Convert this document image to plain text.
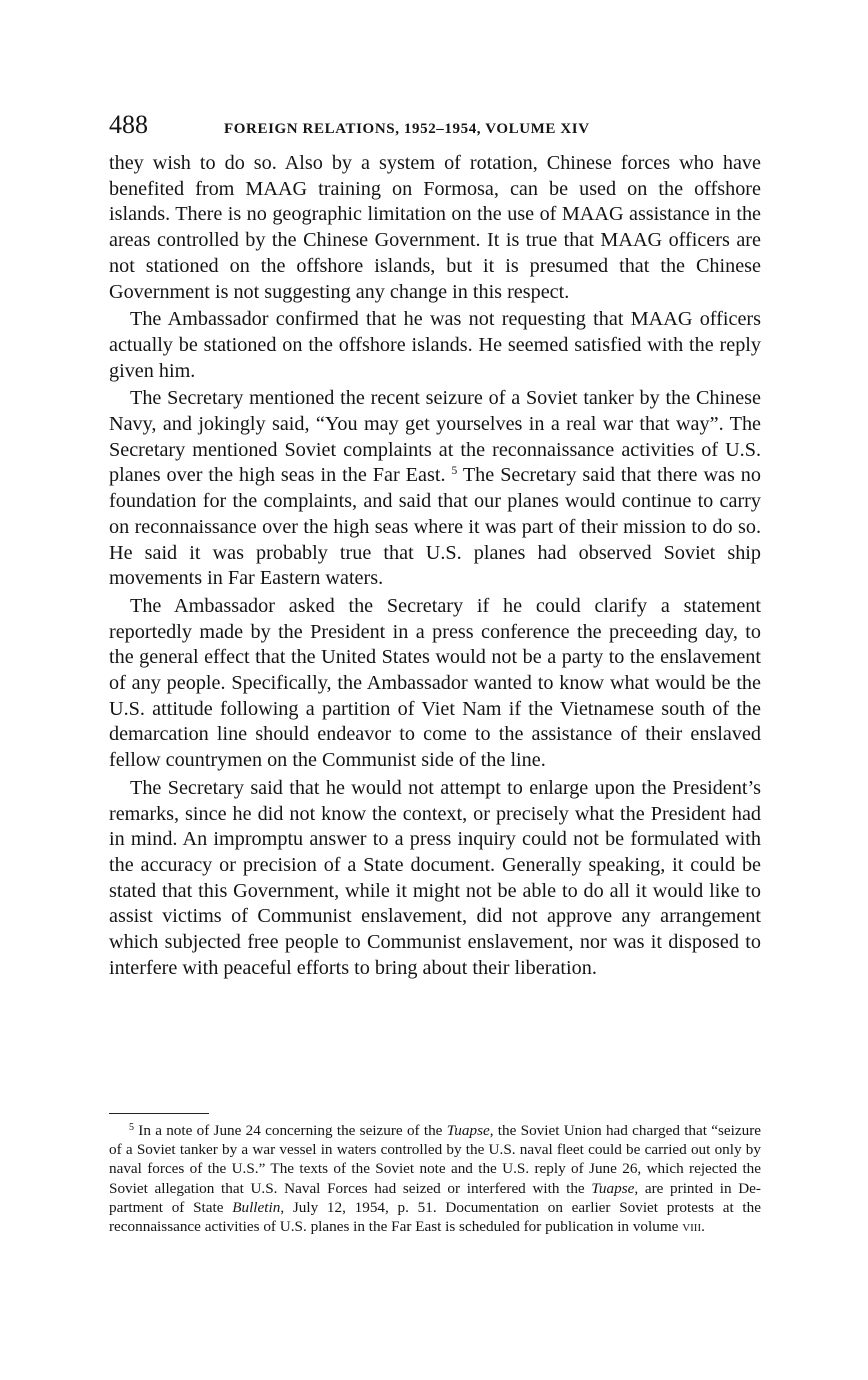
488	FOREIGN RELATIONS, 1952–1954, VOLUME XIV

they wish to do so. Also by a system of rotation, Chinese forces who have benefited from MAAG training on Formosa, can be used on the offshore islands. There is no geographic limitation on the use of MAAG assistance in the areas controlled by the Chinese Government. It is true that MAAG officers are not stationed on the offshore islands, but it is presumed that the Chinese Government is not suggesting any change in this respect.

The Ambassador confirmed that he was not requesting that MAAG officers actually be stationed on the offshore islands. He seemed satisfied with the reply given him.

The Secretary mentioned the recent seizure of a Soviet tanker by the Chinese Navy, and jokingly said, “You may get yourselves in a real war that way”. The Secretary mentioned Soviet complaints at the reconnaissance activities of U.S. planes over the high seas in the Far East. $^5$ The Secretary said that there was no foundation for the complaints, and said that our planes would continue to carry on reconnaissance over the high seas where it was part of their mission to do so. He said it was probably true that U.S. planes had observed Soviet ship movements in Far Eastern waters.

The Ambassador asked the Secretary if he could clarify a statement reportedly made by the President in a press conference the preceeding day, to the general effect that the United States would not be a party to the enslavement of any people. Specifically, the Ambassador wanted to know what would be the U.S. attitude following a partition of Viet Nam if the Vietnamese south of the demarcation line should endeavor to come to the assistance of their enslaved fellow countrymen on the Communist side of the line.

The Secretary said that he would not attempt to enlarge upon the President’s remarks, since he did not know the context, or precisely what the President had in mind. An impromptu answer to a press inquiry could not be formulated with the accuracy or precision of a State document. Generally speaking, it could be stated that this Government, while it might not be able to do all it would like to assist victims of Communist enslavement, did not approve any arrangement which subjected free people to Communist enslavement, nor was it disposed to interfere with peaceful efforts to bring about their liberation.

$^5$ In a note of June 24 concerning the seizure of the Tuapse, the Soviet Union had charged that “seizure of a Soviet tanker by a war vessel in waters controlled by the U.S. naval fleet could be carried out only by naval forces of the U.S.” The texts of the Soviet note and the U.S. reply of June 26, which rejected the Soviet allegation that U.S. Naval Forces had seized or interfered with the Tuapse, are printed in Department of State Bulletin, July 12, 1954, p. 51. Documentation on earlier Soviet protests at the reconnaissance activities of U.S. planes in the Far East is scheduled for publication in volume viii.
